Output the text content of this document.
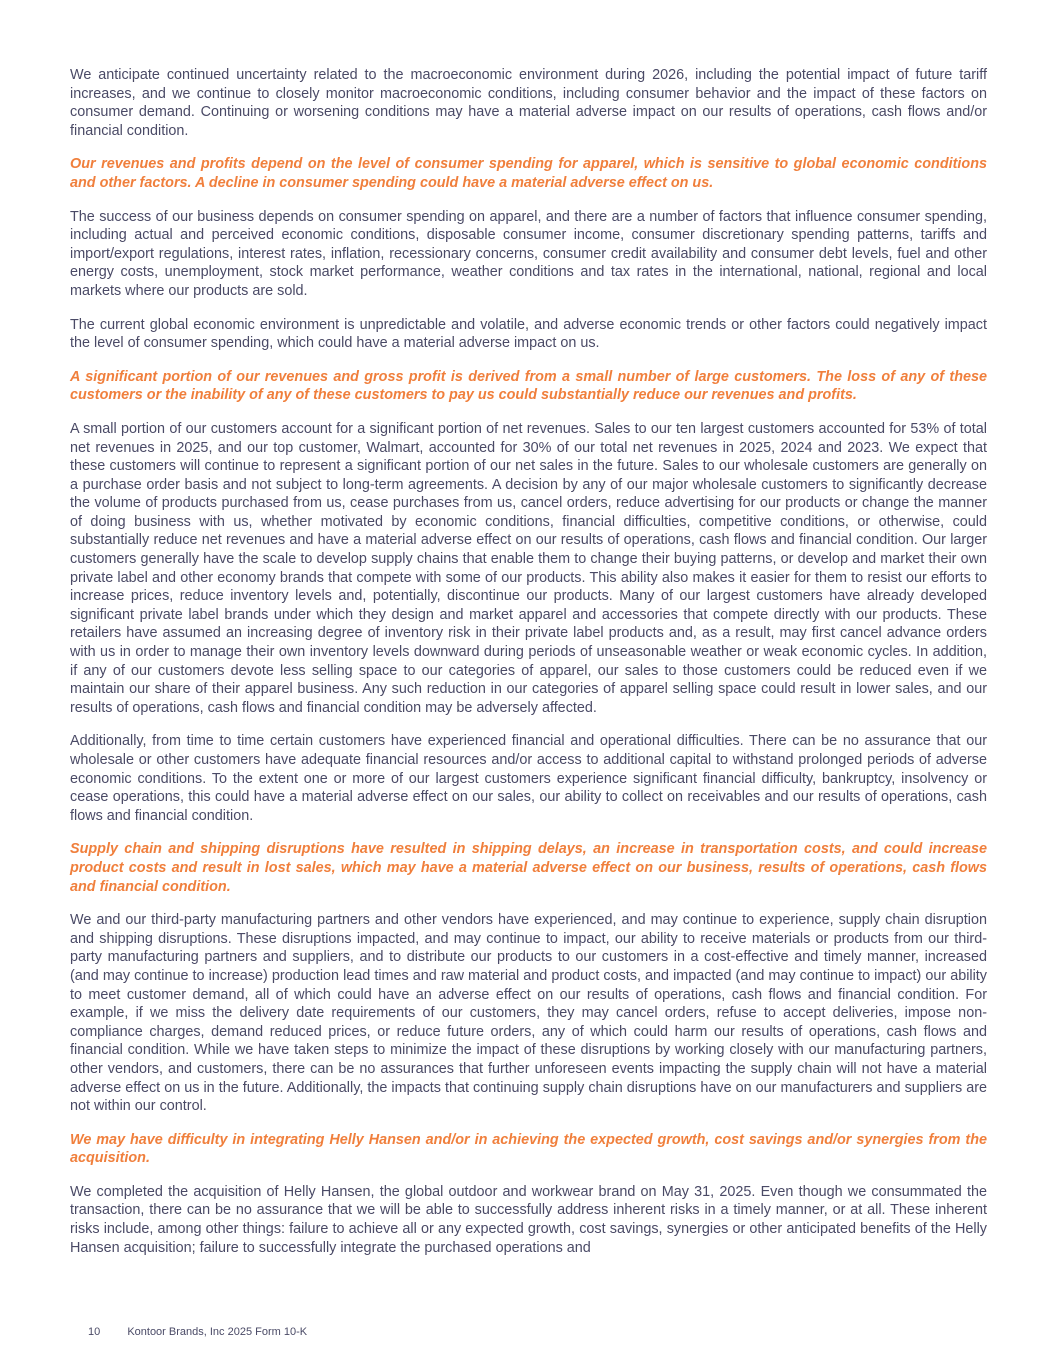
We anticipate continued uncertainty related to the macroeconomic environment during 2026, including the potential impact of future tariff increases, and we continue to closely monitor macroeconomic conditions, including consumer behavior and the impact of these factors on consumer demand. Continuing or worsening conditions may have a material adverse impact on our results of operations, cash flows and/or financial condition.

Our revenues and profits depend on the level of consumer spending for apparel, which is sensitive to global economic conditions and other factors. A decline in consumer spending could have a material adverse effect on us.

The success of our business depends on consumer spending on apparel, and there are a number of factors that influence consumer spending, including actual and perceived economic conditions, disposable consumer income, consumer discretionary spending patterns, tariffs and import/export regulations, interest rates, inflation, recessionary concerns, consumer credit availability and consumer debt levels, fuel and other energy costs, unemployment, stock market performance, weather conditions and tax rates in the international, national, regional and local markets where our products are sold.

The current global economic environment is unpredictable and volatile, and adverse economic trends or other factors could negatively impact the level of consumer spending, which could have a material adverse impact on us.

A significant portion of our revenues and gross profit is derived from a small number of large customers. The loss of any of these customers or the inability of any of these customers to pay us could substantially reduce our revenues and profits.

A small portion of our customers account for a significant portion of net revenues. Sales to our ten largest customers accounted for 53% of total net revenues in 2025, and our top customer, Walmart, accounted for 30% of our total net revenues in 2025, 2024 and 2023. We expect that these customers will continue to represent a significant portion of our net sales in the future. Sales to our wholesale customers are generally on a purchase order basis and not subject to long-term agreements. A decision by any of our major wholesale customers to significantly decrease the volume of products purchased from us, cease purchases from us, cancel orders, reduce advertising for our products or change the manner of doing business with us, whether motivated by economic conditions, financial difficulties, competitive conditions, or otherwise, could substantially reduce net revenues and have a material adverse effect on our results of operations, cash flows and financial condition. Our larger customers generally have the scale to develop supply chains that enable them to change their buying patterns, or develop and market their own private label and other economy brands that compete with some of our products. This ability also makes it easier for them to resist our efforts to increase prices, reduce inventory levels and, potentially, discontinue our products. Many of our largest customers have already developed significant private label brands under which they design and market apparel and accessories that compete directly with our products. These retailers have assumed an increasing degree of inventory risk in their private label products and, as a result, may first cancel advance orders with us in order to manage their own inventory levels downward during periods of unseasonable weather or weak economic cycles. In addition, if any of our customers devote less selling space to our categories of apparel, our sales to those customers could be reduced even if we maintain our share of their apparel business. Any such reduction in our categories of apparel selling space could result in lower sales, and our results of operations, cash flows and financial condition may be adversely affected.

Additionally, from time to time certain customers have experienced financial and operational difficulties. There can be no assurance that our wholesale or other customers have adequate financial resources and/or access to additional capital to withstand prolonged periods of adverse economic conditions. To the extent one or more of our largest customers experience significant financial difficulty, bankruptcy, insolvency or cease operations, this could have a material adverse effect on our sales, our ability to collect on receivables and our results of operations, cash flows and financial condition.

Supply chain and shipping disruptions have resulted in shipping delays, an increase in transportation costs, and could increase product costs and result in lost sales, which may have a material adverse effect on our business, results of operations, cash flows and financial condition.

We and our third-party manufacturing partners and other vendors have experienced, and may continue to experience, supply chain disruption and shipping disruptions. These disruptions impacted, and may continue to impact, our ability to receive materials or products from our third-party manufacturing partners and suppliers, and to distribute our products to our customers in a cost-effective and timely manner, increased (and may continue to increase) production lead times and raw material and product costs, and impacted (and may continue to impact) our ability to meet customer demand, all of which could have an adverse effect on our results of operations, cash flows and financial condition. For example, if we miss the delivery date requirements of our customers, they may cancel orders, refuse to accept deliveries, impose non-compliance charges, demand reduced prices, or reduce future orders, any of which could harm our results of operations, cash flows and financial condition. While we have taken steps to minimize the impact of these disruptions by working closely with our manufacturing partners, other vendors, and customers, there can be no assurances that further unforeseen events impacting the supply chain will not have a material adverse effect on us in the future. Additionally, the impacts that continuing supply chain disruptions have on our manufacturers and suppliers are not within our control.

We may have difficulty in integrating Helly Hansen and/or in achieving the expected growth, cost savings and/or synergies from the acquisition.

We completed the acquisition of Helly Hansen, the global outdoor and workwear brand on May 31, 2025. Even though we consummated the transaction, there can be no assurance that we will be able to successfully address inherent risks in a timely manner, or at all. These inherent risks include, among other things: failure to achieve all or any expected growth, cost savings, synergies or other anticipated benefits of the Helly Hansen acquisition; failure to successfully integrate the purchased operations and

10 Kontoor Brands, Inc 2025 Form 10-K
